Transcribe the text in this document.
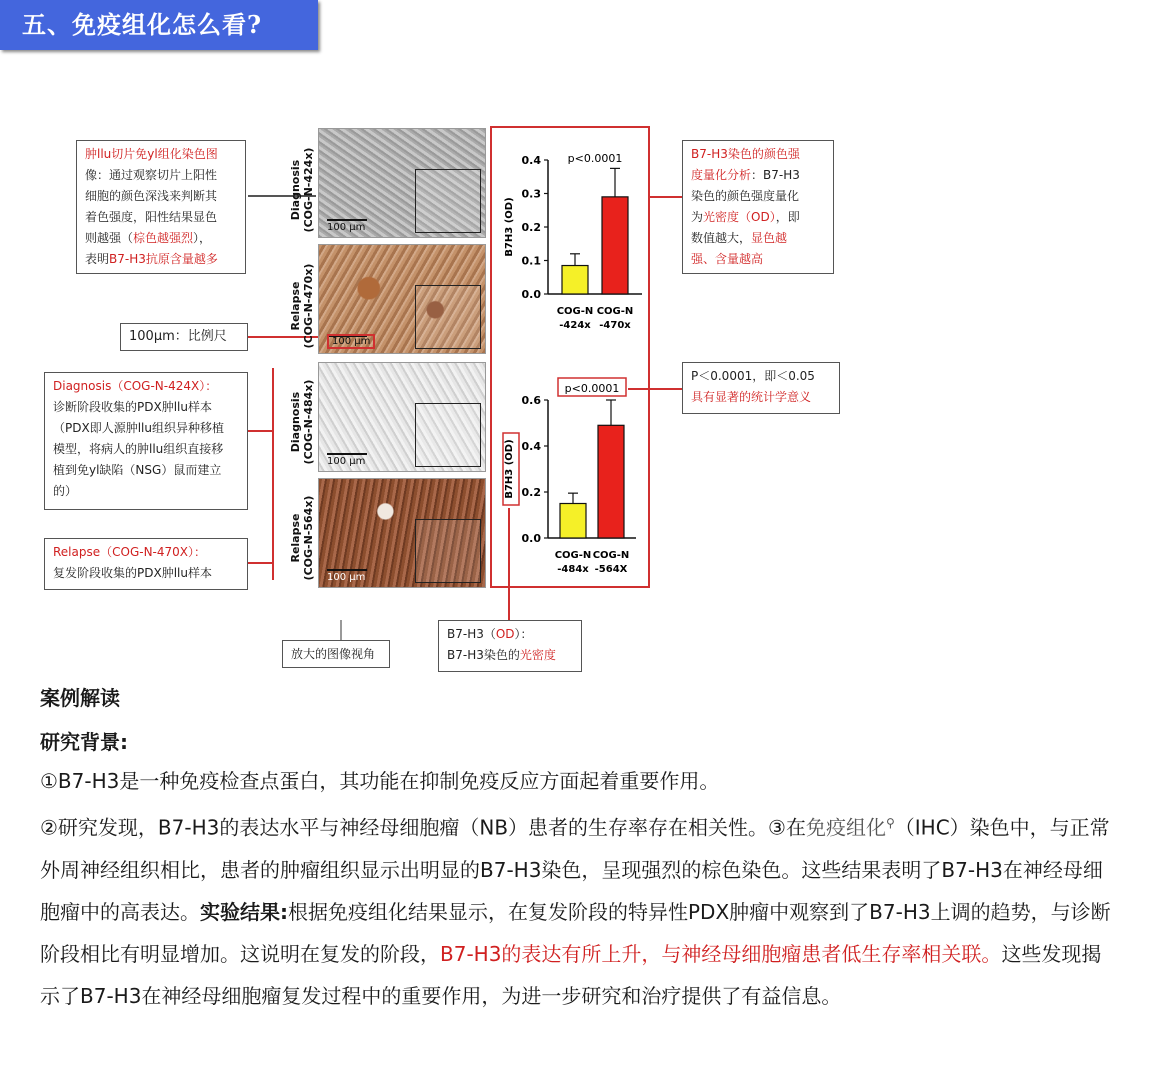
五、免疫组化怎么看?
肿llu切片免yl组化染色图
像：通过观察切片上阳性
细胞的颜色深浅来判断其
着色强度，阳性结果显色
则越强（棕色越强烈），
表明B7-H3抗原含量越多
100μm：比例尺
Diagnosis（COG-N-424X）：
诊断阶段收集的PDX肿llu样本
（PDX即人源肿llu组织异种移植
模型，将病人的肿llu组织直接移
植到免yl缺陷（NSG）鼠而建立
的）
Relapse（COG-N-470X）：
复发阶段收集的PDX肿llu样本
100 μm
100 μm
100 μm
100 μm
Diagnosis (COG-N-424x)
Relapse (COG-N-470x)
Diagnosis (COG-N-484x)
Relapse (COG-N-564x)
放大的图像视角
0.0
0.1
0.2
0.3
0.4
B7H3 (OD)
COG-N
-424x
COG-N
-470x
p<0.0001
0.0
0.2
0.4
0.6
B7H3 (OD)
COG-N
-484x
COG-N
-564X
p<0.0001
B7-H3染色的颜色强
度量化分析：B7-H3
染色的颜色强度量化
为光密度（OD），即
数值越大，显色越
强、含量越高
P＜0.0001，即＜0.05
具有显著的统计学意义
B7-H3（OD）：
B7-H3染色的光密度
案例解读
研究背景:
①B7-H3是一种免疫检查点蛋白，其功能在抑制免疫反应方面起着重要作用。
②研究发现，B7-H3的表达水平与神经母细胞瘤（NB）患者的生存率存在相关性。③在免疫组化⚲（IHC）染色中，与正常外周神经组织相比，患者的肿瘤组织显示出明显的B7-H3染色，呈现强烈的棕色染色。这些结果表明了B7-H3在神经母细胞瘤中的高表达。实验结果:根据免疫组化结果显示，在复发阶段的特异性PDX肿瘤中观察到了B7-H3上调的趋势，与诊断阶段相比有明显增加。这说明在复发的阶段，B7-H3的表达有所上升，与神经母细胞瘤患者低生存率相关联。这些发现揭示了B7-H3在神经母细胞瘤复发过程中的重要作用，为进一步研究和治疗提供了有益信息。
